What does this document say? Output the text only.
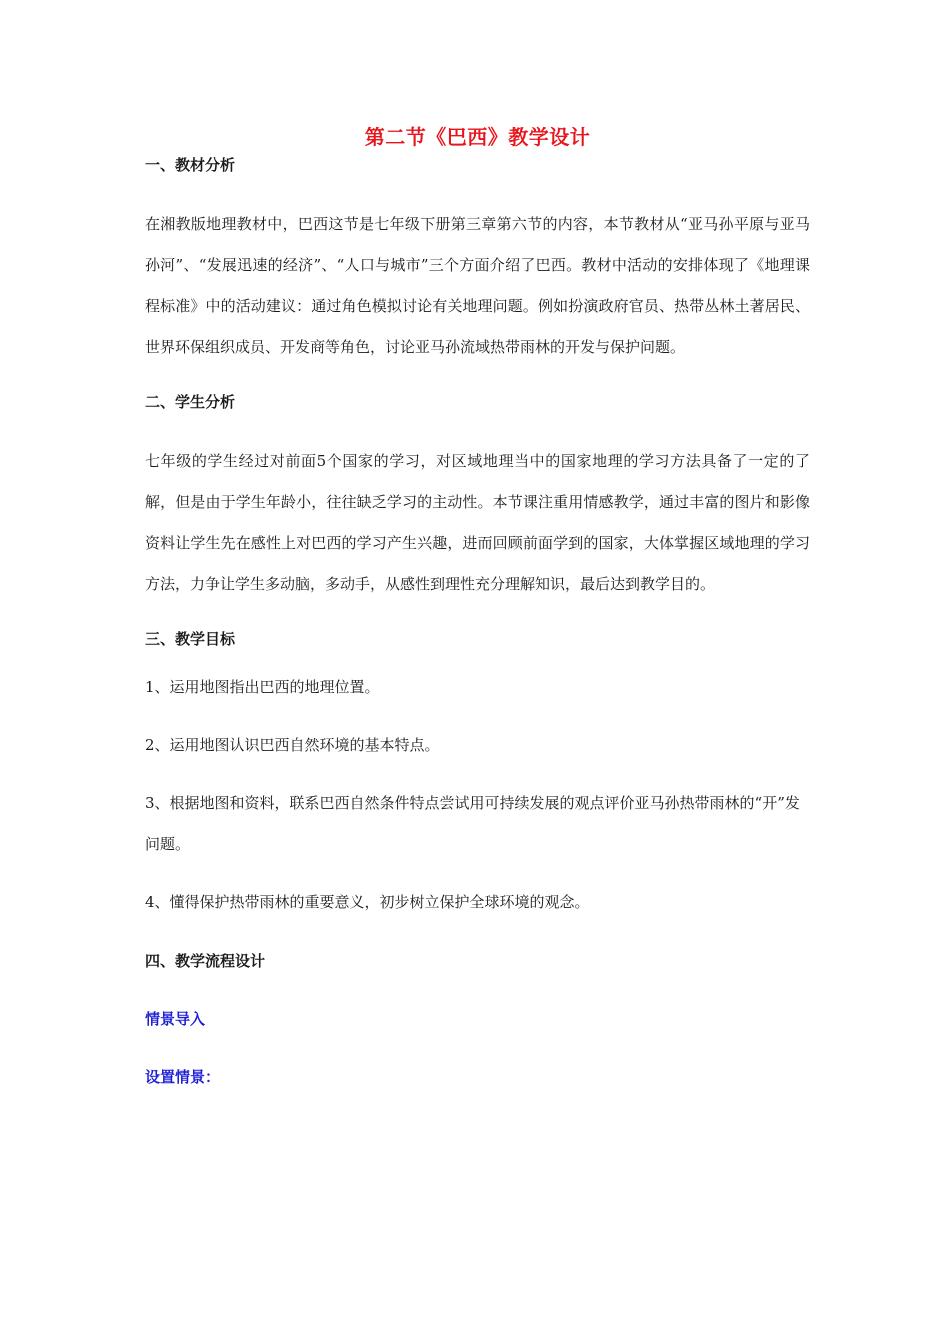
第二节《巴西》教学设计
一、教材分析

在湘教版地理教材中，巴西这节是七年级下册第三章第六节的内容，本节教材从“亚马孙平原与亚马孙河”、“发展迅速的经济”、“人口与城市”三个方面介绍了巴西。教材中活动的安排体现了《地理课程标准》中的活动建议：通过角色模拟讨论有关地理问题。例如扮演政府官员、热带丛林土著居民、世界环保组织成员、开发商等角色，讨论亚马孙流域热带雨林的开发与保护问题。

二、学生分析

七年级的学生经过对前面5个国家的学习，对区域地理当中的国家地理的学习方法具备了一定的了解，但是由于学生年龄小，往往缺乏学习的主动性。本节课注重用情感教学，通过丰富的图片和影像资料让学生先在感性上对巴西的学习产生兴趣，进而回顾前面学到的国家，大体掌握区域地理的学习方法，力争让学生多动脑，多动手，从感性到理性充分理解知识，最后达到教学目的。

三、教学目标

1、运用地图指出巴西的地理位置。

2、运用地图认识巴西自然环境的基本特点。

3、根据地图和资料，联系巴西自然条件特点尝试用可持续发展的观点评价亚马孙热带雨林的“开”发问题。

4、懂得保护热带雨林的重要意义，初步树立保护全球环境的观念。

四、教学流程设计

情景导入

设置情景：
